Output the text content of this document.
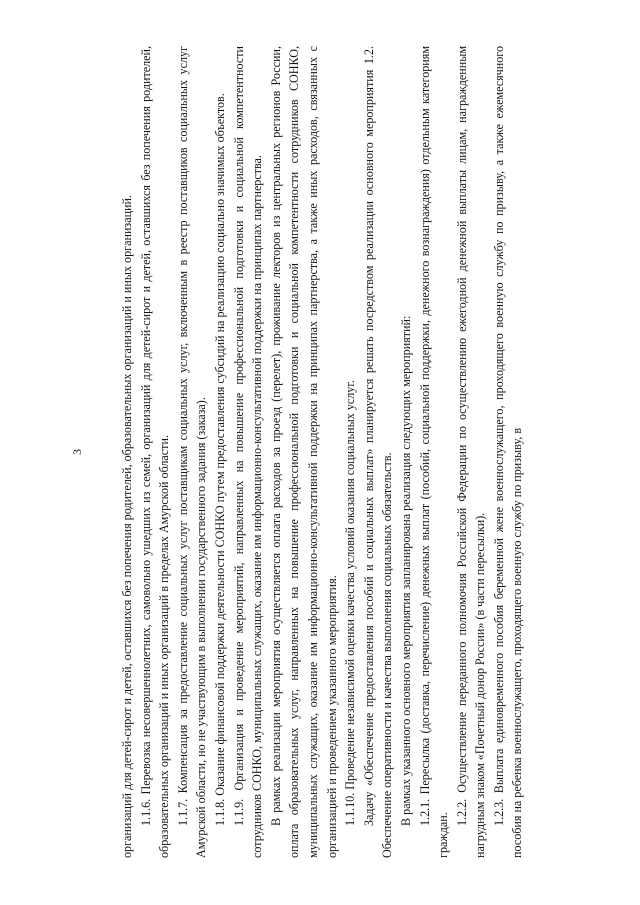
3	организаций для детей-сирот и детей, оставшихся без попечения родителей, образовательных организаций и иных организаций. 1.1.6. Перевозка несовершеннолетних, самовольно ушедших из семей, организаций для детей-сирот и детей, оставшихся без попечения родителей, образовательных организаций и иных организаций в пределах Амурской области. 1.1.7. Компенсация за предоставление социальных услуг поставщикам социальных услуг, включенным в реестр поставщиков социальных услуг Амурской области, но не участвующим в выполнении государственного задания (заказа). 1.1.8. Оказание финансовой поддержки деятельности СОНКО путем предоставления субсидий на реализацию социально значимых объектов. 1.1.9. Организация и проведение мероприятий, направленных на повышение профессиональной подготовки и социальной компетентности сотрудников СОНКО, муниципальных служащих, оказание им информационно-консультативной поддержки на принципах партнерства. В рамках реализации мероприятия осуществляется оплата расходов за проезд (перелет), проживание лекторов из центральных регионов России, оплата образовательных услуг, направленных на повышение профессиональной подготовки и социальной компетентности сотрудников СОНКО, муниципальных служащих, оказание им информационно-консультативной поддержки на принципах партнерства, а также иных расходов, связанных с организацией и проведением указанного мероприятия. 1.1.10. Проведение независимой оценки качества условий оказания социальных услуг. Задачу «Обеспечение предоставления пособий и социальных выплат» планируется решать посредством реализации основного мероприятия 1.2. Обеспечение оперативности и качества выполнения социальных обязательств. В рамках указанного основного мероприятия запланирована реализация следующих мероприятий: 1.2.1. Пересылка (доставка, перечисление) денежных выплат (пособий, социальной поддержки, денежного вознаграждения) отдельным категориям граждан.

1.2.2. Осуществление переданного полномочия Российской Федерации по осуществлению ежегодной денежной выплаты лицам, награжденным нагрудным знаком «Почетный донор России» (в части пересылки). 1.2.3. Выплата единовременного пособия беременной жене военнослужащего, проходящего военную службу по призыву, а также ежемесячного пособия на ребенка военнослужащего, проходящего военную службу по призыву, в
